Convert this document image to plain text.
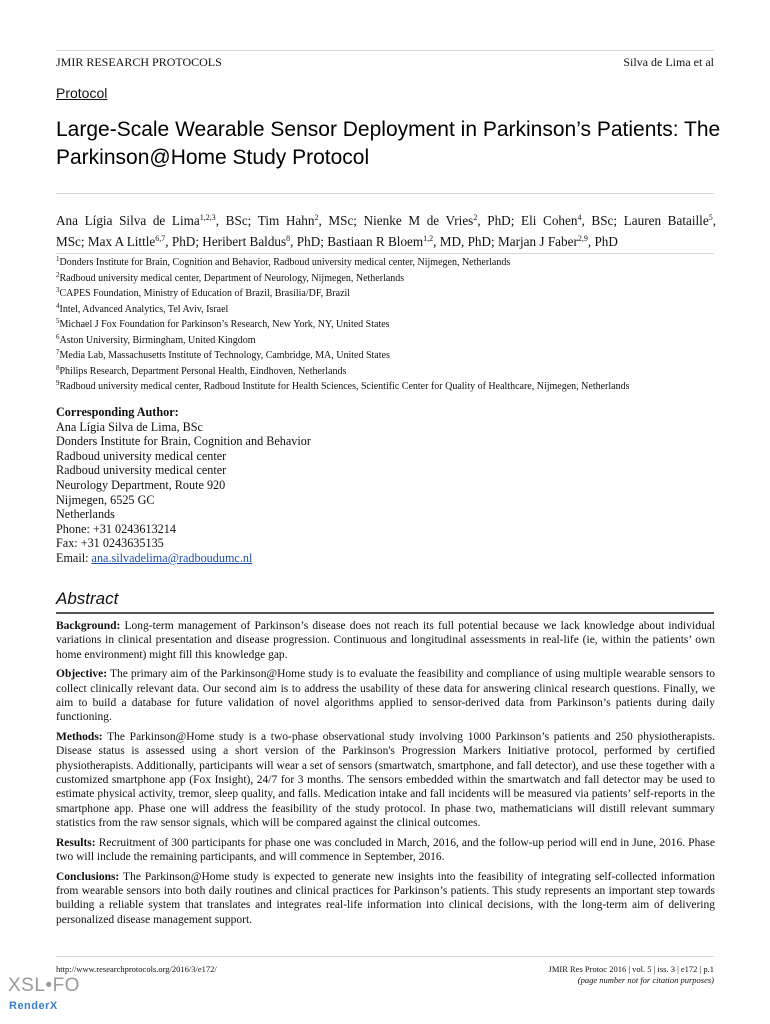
JMIR RESEARCH PROTOCOLS	Silva de Lima et al
Protocol
Large-Scale Wearable Sensor Deployment in Parkinson’s Patients: The Parkinson@Home Study Protocol
Ana Lígia Silva de Lima$^{1,2,3}$, BSc; Tim Hahn$^2$, MSc; Nienke M de Vries$^2$, PhD; Eli Cohen$^4$, BSc; Lauren Bataille$^5$,
MSc; Max A Little$^{6,7}$, PhD; Heribert Baldus$^8$, PhD; Bastiaan R Bloem$^{1,2}$, MD, PhD; Marjan J Faber$^{2,9}$, PhD
$^1$Donders Institute for Brain, Cognition and Behavior, Radboud university medical center, Nijmegen, Netherlands
$^2$Radboud university medical center, Department of Neurology, Nijmegen, Netherlands
$^3$CAPES Foundation, Ministry of Education of Brazil, Brasília/DF, Brazil
$^4$Intel, Advanced Analytics, Tel Aviv, Israel
$^5$Michael J Fox Foundation for Parkinson’s Research, New York, NY, United States
$^6$Aston University, Birmingham, United Kingdom
$^7$Media Lab, Massachusetts Institute of Technology, Cambridge, MA, United States
$^8$Philips Research, Department Personal Health, Eindhoven, Netherlands
$^9$Radboud university medical center, Radboud Institute for Health Sciences, Scientific Center for Quality of Healthcare, Nijmegen, Netherlands
Corresponding Author:
Ana Lígia Silva de Lima, BSc
Donders Institute for Brain, Cognition and Behavior
Radboud university medical center
Radboud university medical center
Neurology Department, Route 920
Nijmegen, 6525 GC
Netherlands
Phone: +31 0243613214
Fax: +31 0243635135
Email: ana.silvadelima@radboudumc.nl
Abstract

Background: Long-term management of Parkinson’s disease does not reach its full potential because we lack knowledge about individual variations in clinical presentation and disease progression. Continuous and longitudinal assessments in real-life (ie, within the patients’ own home environment) might fill this knowledge gap.

Objective: The primary aim of the Parkinson@Home study is to evaluate the feasibility and compliance of using multiple wearable sensors to collect clinically relevant data. Our second aim is to address the usability of these data for answering clinical research questions. Finally, we aim to build a database for future validation of novel algorithms applied to sensor-derived data from Parkinson’s patients during daily functioning.

Methods: The Parkinson@Home study is a two-phase observational study involving 1000 Parkinson’s patients and 250 physiotherapists. Disease status is assessed using a short version of the Parkinson's Progression Markers Initiative protocol, performed by certified physiotherapists. Additionally, participants will wear a set of sensors (smartwatch, smartphone, and fall detector), and use these together with a customized smartphone app (Fox Insight), 24/7 for 3 months. The sensors embedded within the smartwatch and fall detector may be used to estimate physical activity, tremor, sleep quality, and falls. Medication intake and fall incidents will be measured via patients’ self-reports in the smartphone app. Phase one will address the feasibility of the study protocol. In phase two, mathematicians will distill relevant summary statistics from the raw sensor signals, which will be compared against the clinical outcomes.

Results: Recruitment of 300 participants for phase one was concluded in March, 2016, and the follow-up period will end in June, 2016. Phase two will include the remaining participants, and will commence in September, 2016.

Conclusions: The Parkinson@Home study is expected to generate new insights into the feasibility of integrating self-collected information from wearable sensors into both daily routines and clinical practices for Parkinson’s patients. This study represents an important step towards building a reliable system that translates and integrates real-life information into clinical decisions, with the long-term aim of delivering personalized disease management support.

http://www.researchprotocols.org/2016/3/e172/	JMIR Res Protoc 2016 | vol. 5 | iss. 3 | e172 | p.1
(page number not for citation purposes)
XSL•FO
RenderX
